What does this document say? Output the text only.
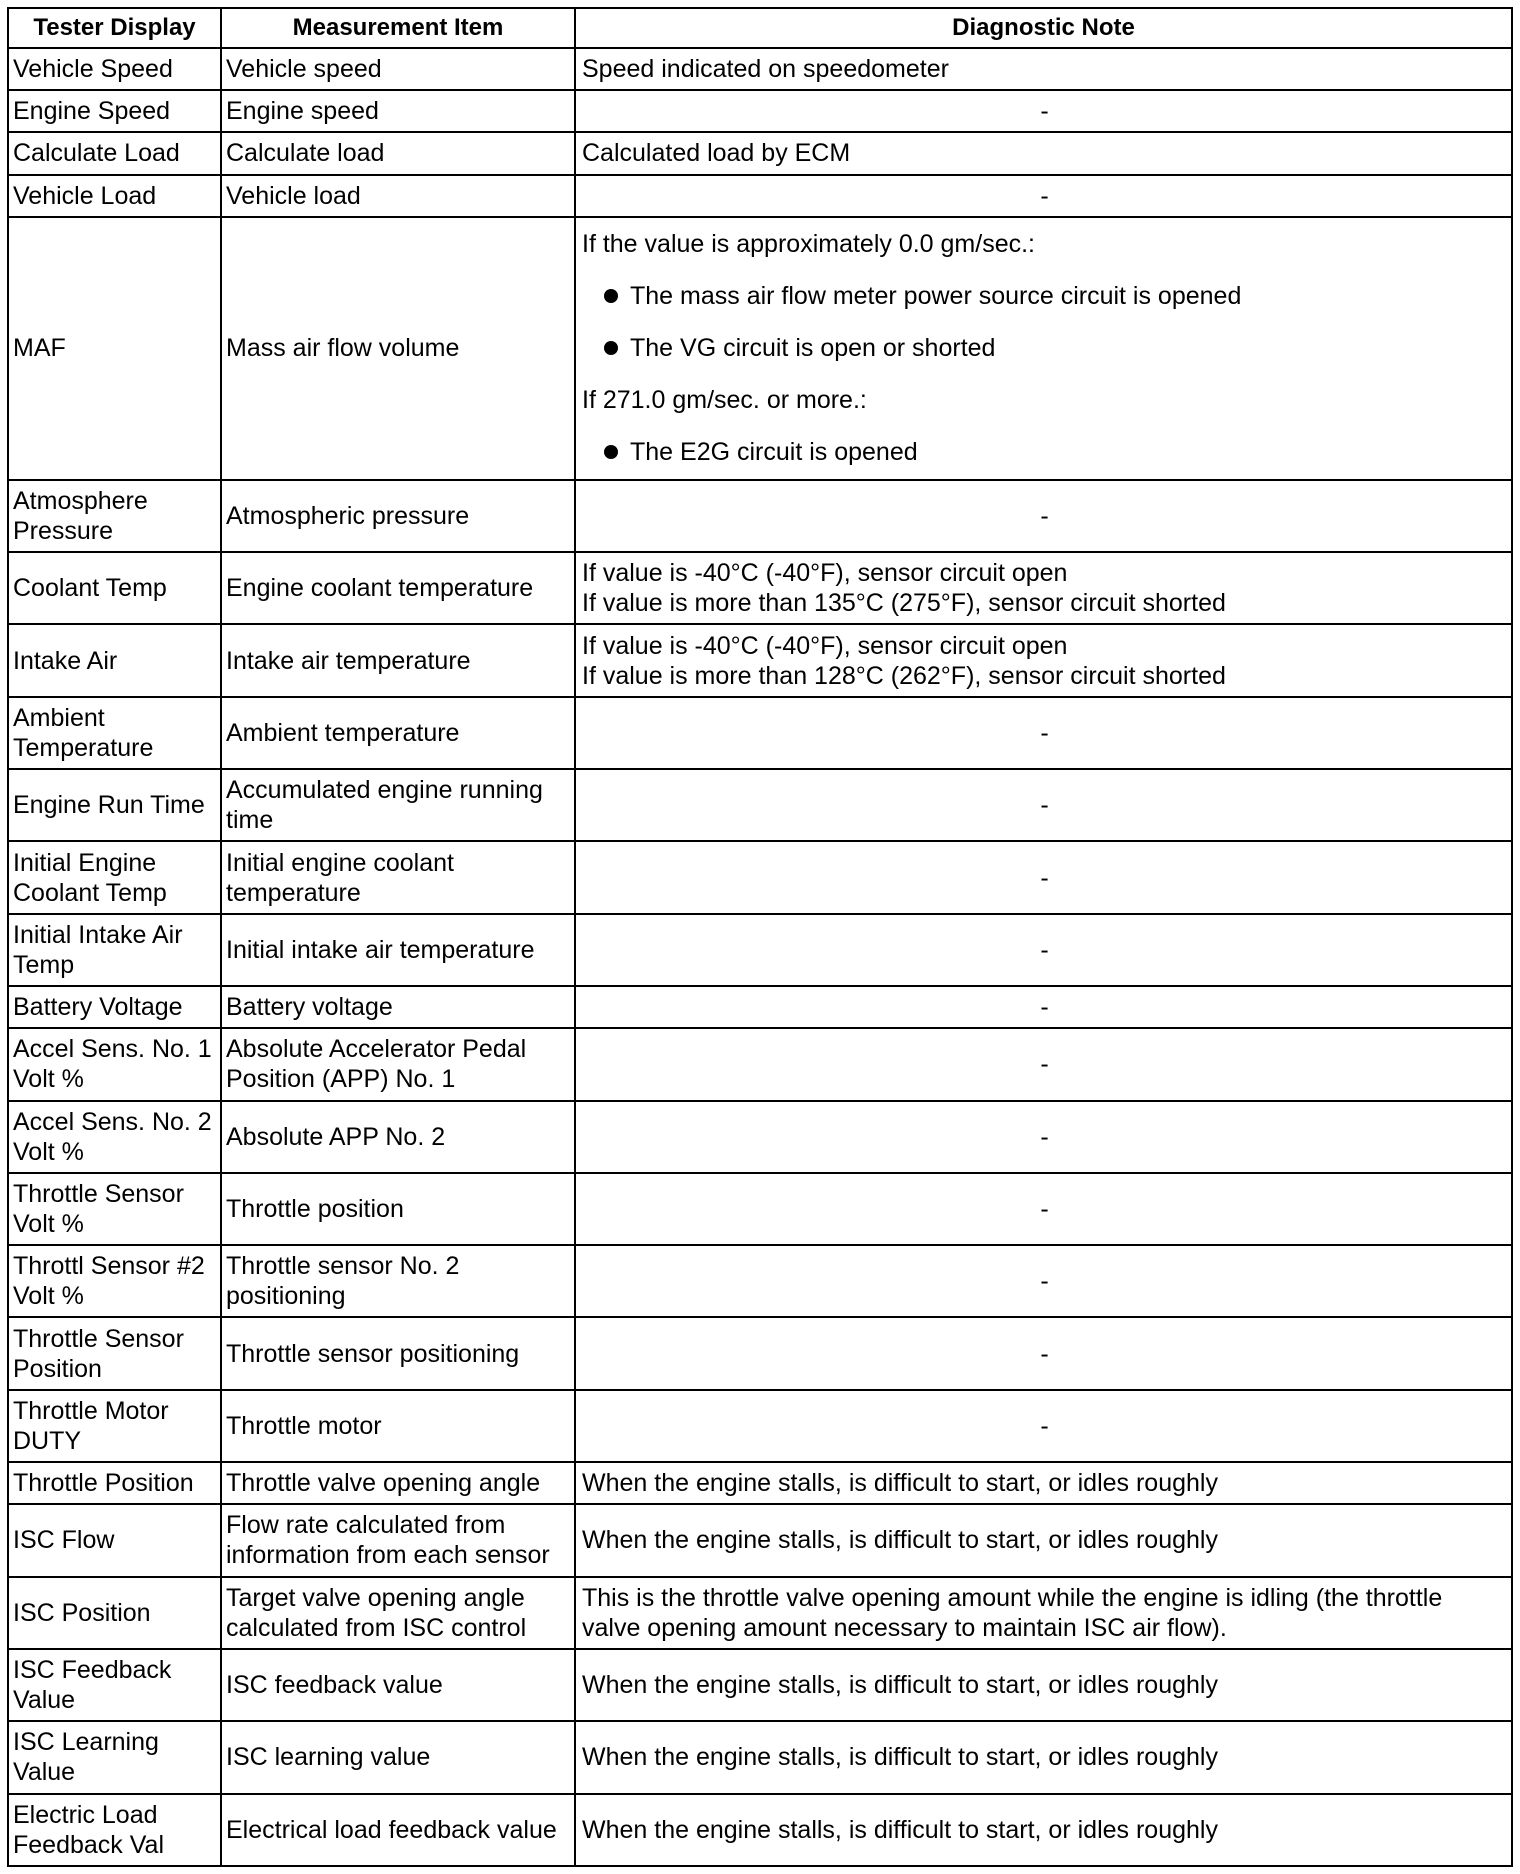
Tester Display	Measurement Item	Diagnostic Note
Vehicle Speed	Vehicle speed	Speed indicated on speedometer
Engine Speed	Engine speed	-
Calculate Load	Calculate load	Calculated load by ECM
Vehicle Load	Vehicle load	-
MAF	Mass air flow volume	If the value is approximately 0.0 gm/sec.:
The mass air flow meter power source circuit is opened
The VG circuit is open or shorted
If 271.0 gm/sec. or more.:
The E2G circuit is opened

Atmosphere Pressure	Atmospheric pressure	-
Coolant Temp	Engine coolant temperature	If value is -40°C (-40°F), sensor circuit open
If value is more than 135°C (275°F), sensor circuit shorted

Intake Air	Intake air temperature	If value is -40°C (-40°F), sensor circuit open
If value is more than 128°C (262°F), sensor circuit shorted

Ambient Temperature	Ambient temperature	-
Engine Run Time	Accumulated engine running time	-
Initial Engine Coolant Temp	Initial engine coolant temperature	-
Initial Intake Air Temp	Initial intake air temperature	-
Battery Voltage	Battery voltage	-
Accel Sens. No. 1 Volt %	Absolute Accelerator Pedal Position (APP) No. 1	-
Accel Sens. No. 2 Volt %	Absolute APP No. 2	-
Throttle Sensor Volt %	Throttle position	-
Throttl Sensor #2 Volt %	Throttle sensor No. 2 positioning	-
Throttle Sensor Position	Throttle sensor positioning	-
Throttle Motor DUTY	Throttle motor	-
Throttle Position	Throttle valve opening angle	When the engine stalls, is difficult to start, or idles roughly
ISC Flow	Flow rate calculated from information from each sensor	When the engine stalls, is difficult to start, or idles roughly
ISC Position	Target valve opening angle calculated from ISC control	This is the throttle valve opening amount while the engine is idling (the throttle valve opening amount necessary to maintain ISC air flow).
ISC Feedback Value	ISC feedback value	When the engine stalls, is difficult to start, or idles roughly
ISC Learning Value	ISC learning value	When the engine stalls, is difficult to start, or idles roughly
Electric Load Feedback Val	Electrical load feedback value	When the engine stalls, is difficult to start, or idles roughly
